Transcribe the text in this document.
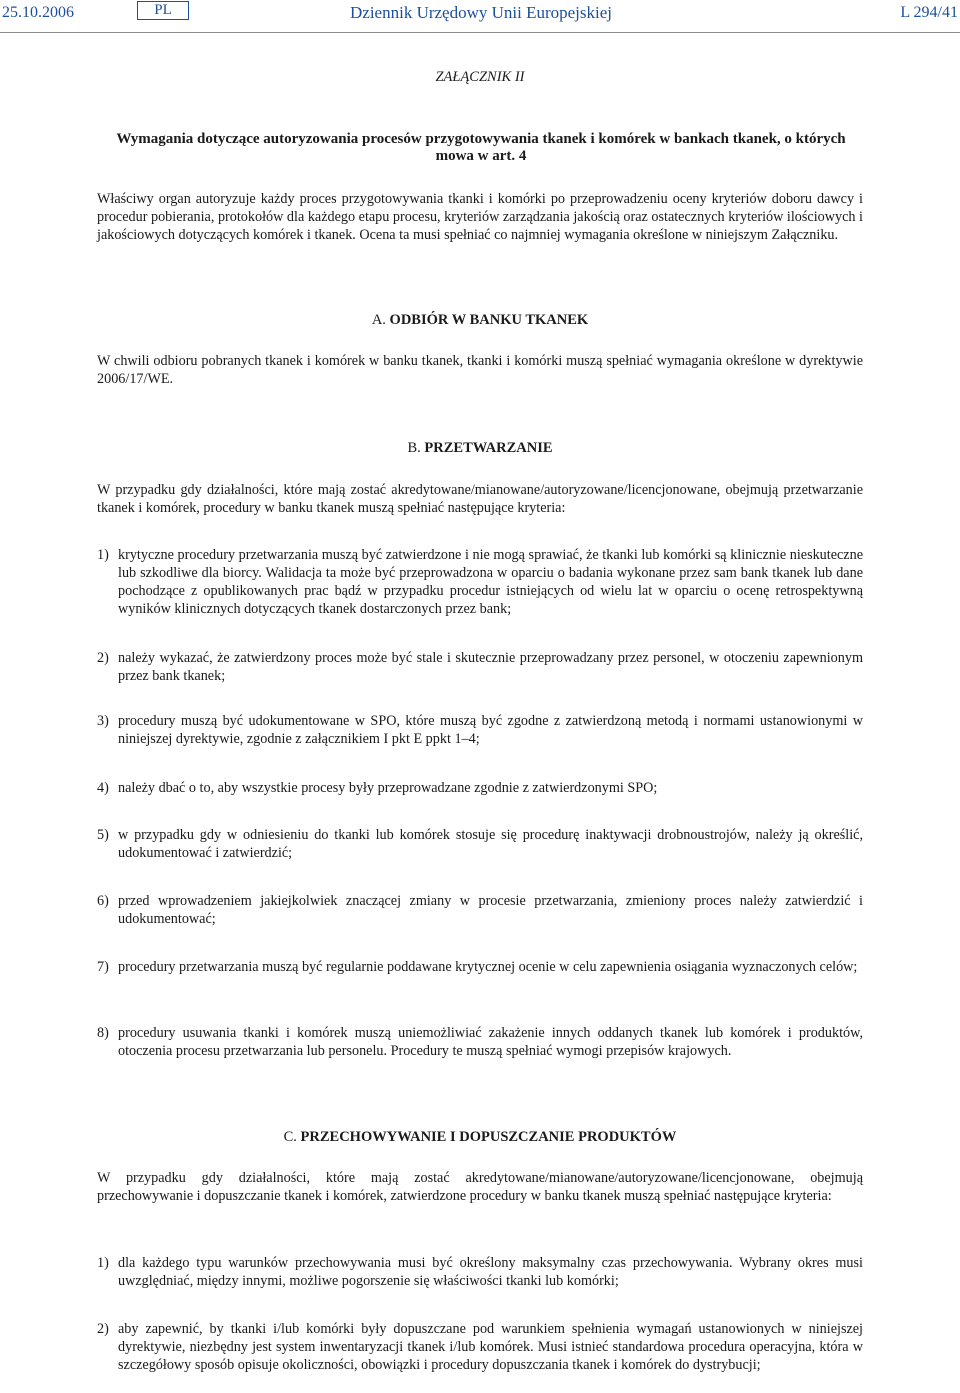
25.10.2006	PL	Dziennik Urzędowy Unii Europejskiej	L 294/41
ZAŁĄCZNIK II
Wymagania dotyczące autoryzowania procesów przygotowywania tkanek i komórek w bankach tkanek, o których mowa w art. 4
Właściwy organ autoryzuje każdy proces przygotowywania tkanki i komórki po przeprowadzeniu oceny kryteriów doboru dawcy i procedur pobierania, protokołów dla każdego etapu procesu, kryteriów zarządzania jakością oraz ostatecznych kryteriów ilościowych i jakościowych dotyczących komórek i tkanek. Ocena ta musi spełniać co najmniej wymagania określone w niniejszym Załączniku.
A. ODBIÓR W BANKU TKANEK
W chwili odbioru pobranych tkanek i komórek w banku tkanek, tkanki i komórki muszą spełniać wymagania określone w dyrektywie 2006/17/WE.
B. PRZETWARZANIE
W przypadku gdy działalności, które mają zostać akredytowane/mianowane/autoryzowane/licencjonowane, obejmują przetwarzanie tkanek i komórek, procedury w banku tkanek muszą spełniać następujące kryteria:
1) krytyczne procedury przetwarzania muszą być zatwierdzone i nie mogą sprawiać, że tkanki lub komórki są klinicznie nieskuteczne lub szkodliwe dla biorcy. Walidacja ta może być przeprowadzona w oparciu o badania wykonane przez sam bank tkanek lub dane pochodzące z opublikowanych prac bądź w przypadku procedur istniejących od wielu lat w oparciu o ocenę retrospektywną wyników klinicznych dotyczących tkanek dostarczonych przez bank;
2) należy wykazać, że zatwierdzony proces może być stale i skutecznie przeprowadzany przez personel, w otoczeniu zapewnionym przez bank tkanek;
3) procedury muszą być udokumentowane w SPO, które muszą być zgodne z zatwierdzoną metodą i normami ustanowionymi w niniejszej dyrektywie, zgodnie z załącznikiem I pkt E ppkt 1–4;
4) należy dbać o to, aby wszystkie procesy były przeprowadzane zgodnie z zatwierdzonymi SPO;
5) w przypadku gdy w odniesieniu do tkanki lub komórek stosuje się procedurę inaktywacji drobnoustrojów, należy ją określić, udokumentować i zatwierdzić;
6) przed wprowadzeniem jakiejkolwiek znaczącej zmiany w procesie przetwarzania, zmieniony proces należy zatwierdzić i udokumentować;
7) procedury przetwarzania muszą być regularnie poddawane krytycznej ocenie w celu zapewnienia osiągania wyznaczonych celów;
8) procedury usuwania tkanki i komórek muszą uniemożliwiać zakażenie innych oddanych tkanek lub komórek i produktów, otoczenia procesu przetwarzania lub personelu. Procedury te muszą spełniać wymogi przepisów krajowych.
C. PRZECHOWYWANIE I DOPUSZCZANIE PRODUKTÓW
W przypadku gdy działalności, które mają zostać akredytowane/mianowane/autoryzowane/licencjonowane, obejmują przechowywanie i dopuszczanie tkanek i komórek, zatwierdzone procedury w banku tkanek muszą spełniać następujące kryteria:
1) dla każdego typu warunków przechowywania musi być określony maksymalny czas przechowywania. Wybrany okres musi uwzględniać, między innymi, możliwe pogorszenie się właściwości tkanki lub komórki;
2) aby zapewnić, by tkanki i/lub komórki były dopuszczane pod warunkiem spełnienia wymagań ustanowionych w niniejszej dyrektywie, niezbędny jest system inwentaryzacji tkanek i/lub komórek. Musi istnieć standardowa procedura operacyjna, która w szczegółowy sposób opisuje okoliczności, obowiązki i procedury dopuszczania tkanek i komórek do dystrybucji;
